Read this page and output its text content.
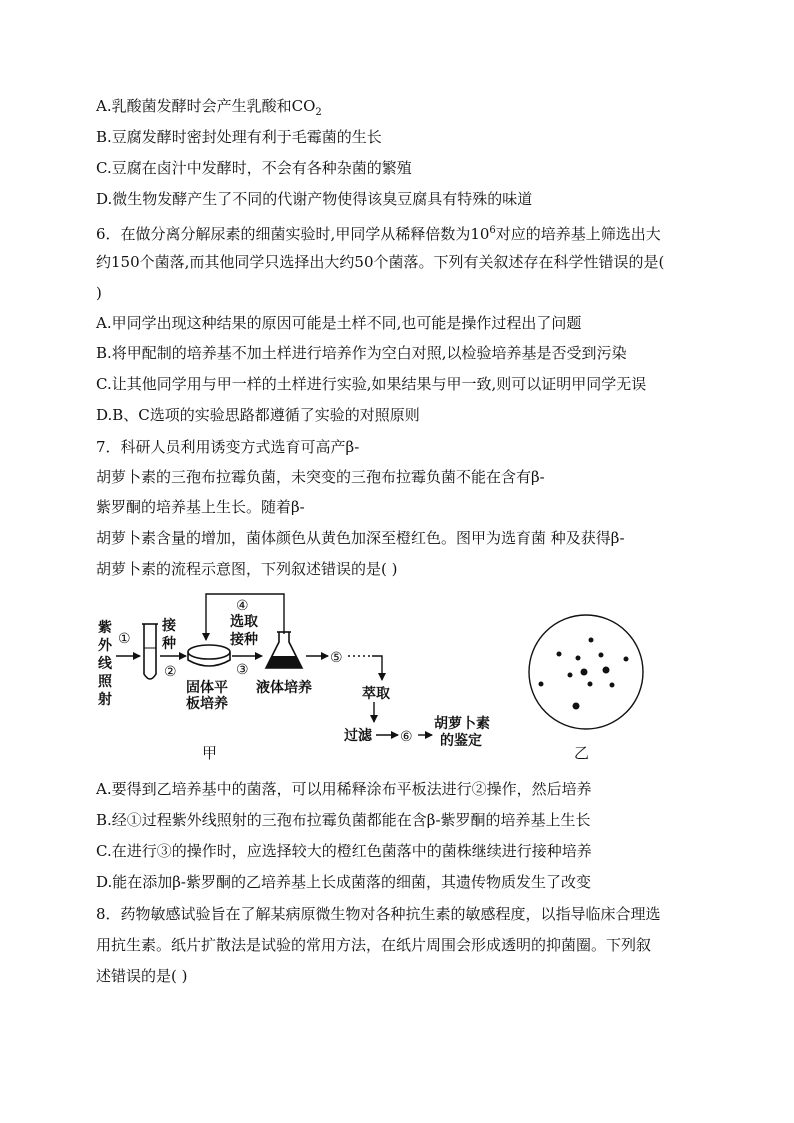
A.乳酸菌发酵时会产生乳酸和$CO_2$
B.豆腐发酵时密封处理有利于毛霉菌的生长
C.豆腐在卤汁中发酵时，不会有各种杂菌的繁殖
D.微生物发酵产生了不同的代谢产物使得该臭豆腐具有特殊的味道
6．在做分离分解尿素的细菌实验时,甲同学从稀释倍数为$10^6$对应的培养基上筛选出大
约150个菌落,而其他同学只选择出大约50个菌落。下列有关叙述存在科学性错误的是(
)
A.甲同学出现这种结果的原因可能是土样不同,也可能是操作过程出了问题
B.将甲配制的培养基不加土样进行培养作为空白对照,以检验培养基是否受到污染
C.让其他同学用与甲一样的土样进行实验,如果结果与甲一致,则可以证明甲同学无误
D.B、C选项的实验思路都遵循了实验的对照原则
7．科研人员利用诱变方式选育可高产β-
胡萝卜素的三孢布拉霉负菌，未突变的三孢布拉霉负菌不能在含有β-
紫罗酮的培养基上生长。随着β-
胡萝卜素含量的增加，菌体颜色从黄色加深至橙红色。图甲为选育菌 种及获得β-
胡萝卜素的流程示意图，下列叙述错误的是( )
紫
外
线
照
射
①
接
种
②
固体平
板培养
③
④
选取
接种
液体培养
⑤
萃取
过滤 ⑥
胡萝卜素
的鉴定
甲	乙
A.要得到乙培养基中的菌落，可以用稀释涂布平板法进行②操作，然后培养
B.经①过程紫外线照射的三孢布拉霉负菌都能在含β-紫罗酮的培养基上生长
C.在进行③的操作时，应选择较大的橙红色菌落中的菌株继续进行接种培养
D.能在添加β-紫罗酮的乙培养基上长成菌落的细菌，其遗传物质发生了改变
8．药物敏感试验旨在了解某病原微生物对各种抗生素的敏感程度，以指导临床合理选
用抗生素。纸片扩散法是试验的常用方法，在纸片周围会形成透明的抑菌圈。下列叙
述错误的是( )
